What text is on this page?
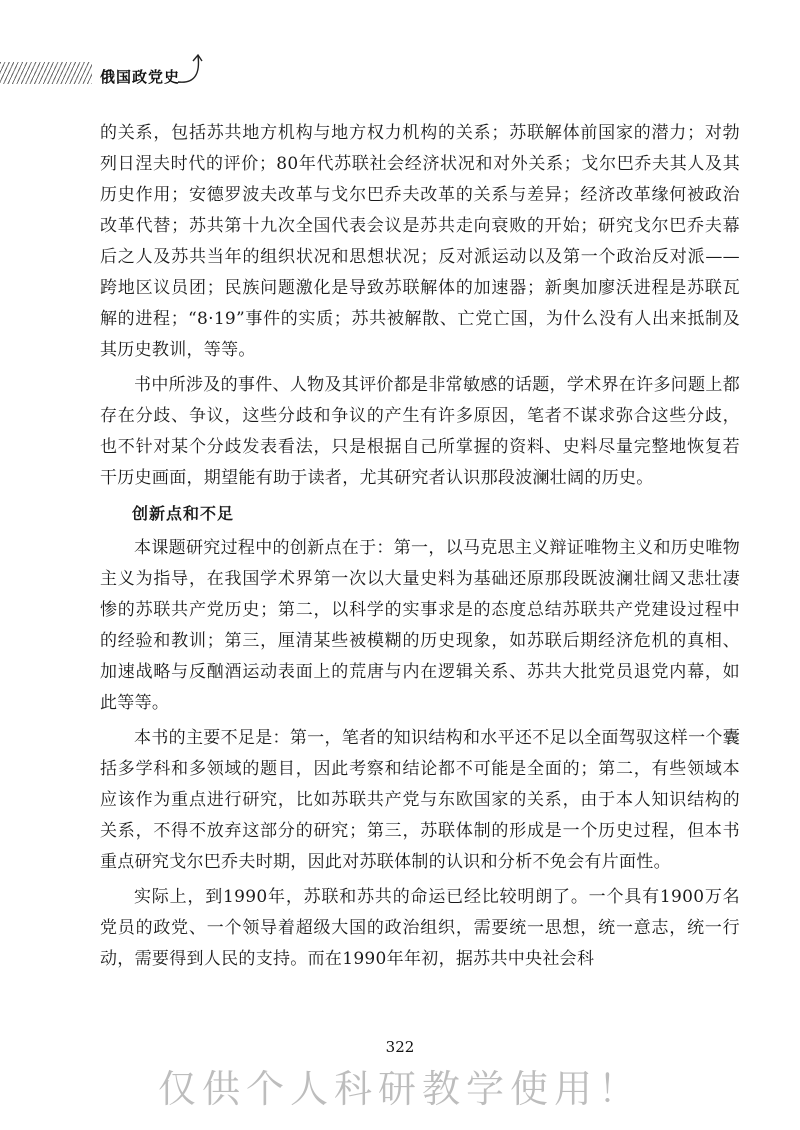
俄国政党史

的关系，包括苏共地方机构与地方权力机构的关系；苏联解体前国家的潜力；对勃列日涅夫时代的评价；80年代苏联社会经济状况和对外关系；戈尔巴乔夫其人及其历史作用；安德罗波夫改革与戈尔巴乔夫改革的关系与差异；经济改革缘何被政治改革代替；苏共第十九次全国代表会议是苏共走向衰败的开始；研究戈尔巴乔夫幕后之人及苏共当年的组织状况和思想状况；反对派运动以及第一个政治反对派——跨地区议员团；民族问题激化是导致苏联解体的加速器；新奥加廖沃进程是苏联瓦解的进程；“8·19”事件的实质；苏共被解散、亡党亡国，为什么没有人出来抵制及其历史教训，等等。

书中所涉及的事件、人物及其评价都是非常敏感的话题，学术界在许多问题上都存在分歧、争议，这些分歧和争议的产生有许多原因，笔者不谋求弥合这些分歧，也不针对某个分歧发表看法，只是根据自己所掌握的资料、史料尽量完整地恢复若干历史画面，期望能有助于读者，尤其研究者认识那段波澜壮阔的历史。

创新点和不足

本课题研究过程中的创新点在于：第一，以马克思主义辩证唯物主义和历史唯物主义为指导，在我国学术界第一次以大量史料为基础还原那段既波澜壮阔又悲壮凄惨的苏联共产党历史；第二，以科学的实事求是的态度总结苏联共产党建设过程中的经验和教训；第三，厘清某些被模糊的历史现象，如苏联后期经济危机的真相、加速战略与反酗酒运动表面上的荒唐与内在逻辑关系、苏共大批党员退党内幕，如此等等。

本书的主要不足是：第一，笔者的知识结构和水平还不足以全面驾驭这样一个囊括多学科和多领域的题目，因此考察和结论都不可能是全面的；第二，有些领域本应该作为重点进行研究，比如苏联共产党与东欧国家的关系，由于本人知识结构的关系，不得不放弃这部分的研究；第三，苏联体制的形成是一个历史过程，但本书重点研究戈尔巴乔夫时期，因此对苏联体制的认识和分析不免会有片面性。

实际上，到1990年，苏联和苏共的命运已经比较明朗了。一个具有1900万名党员的政党、一个领导着超级大国的政治组织，需要统一思想，统一意志，统一行动，需要得到人民的支持。而在1990年年初，据苏共中央社会科

322
仅供个人科研教学使用！
